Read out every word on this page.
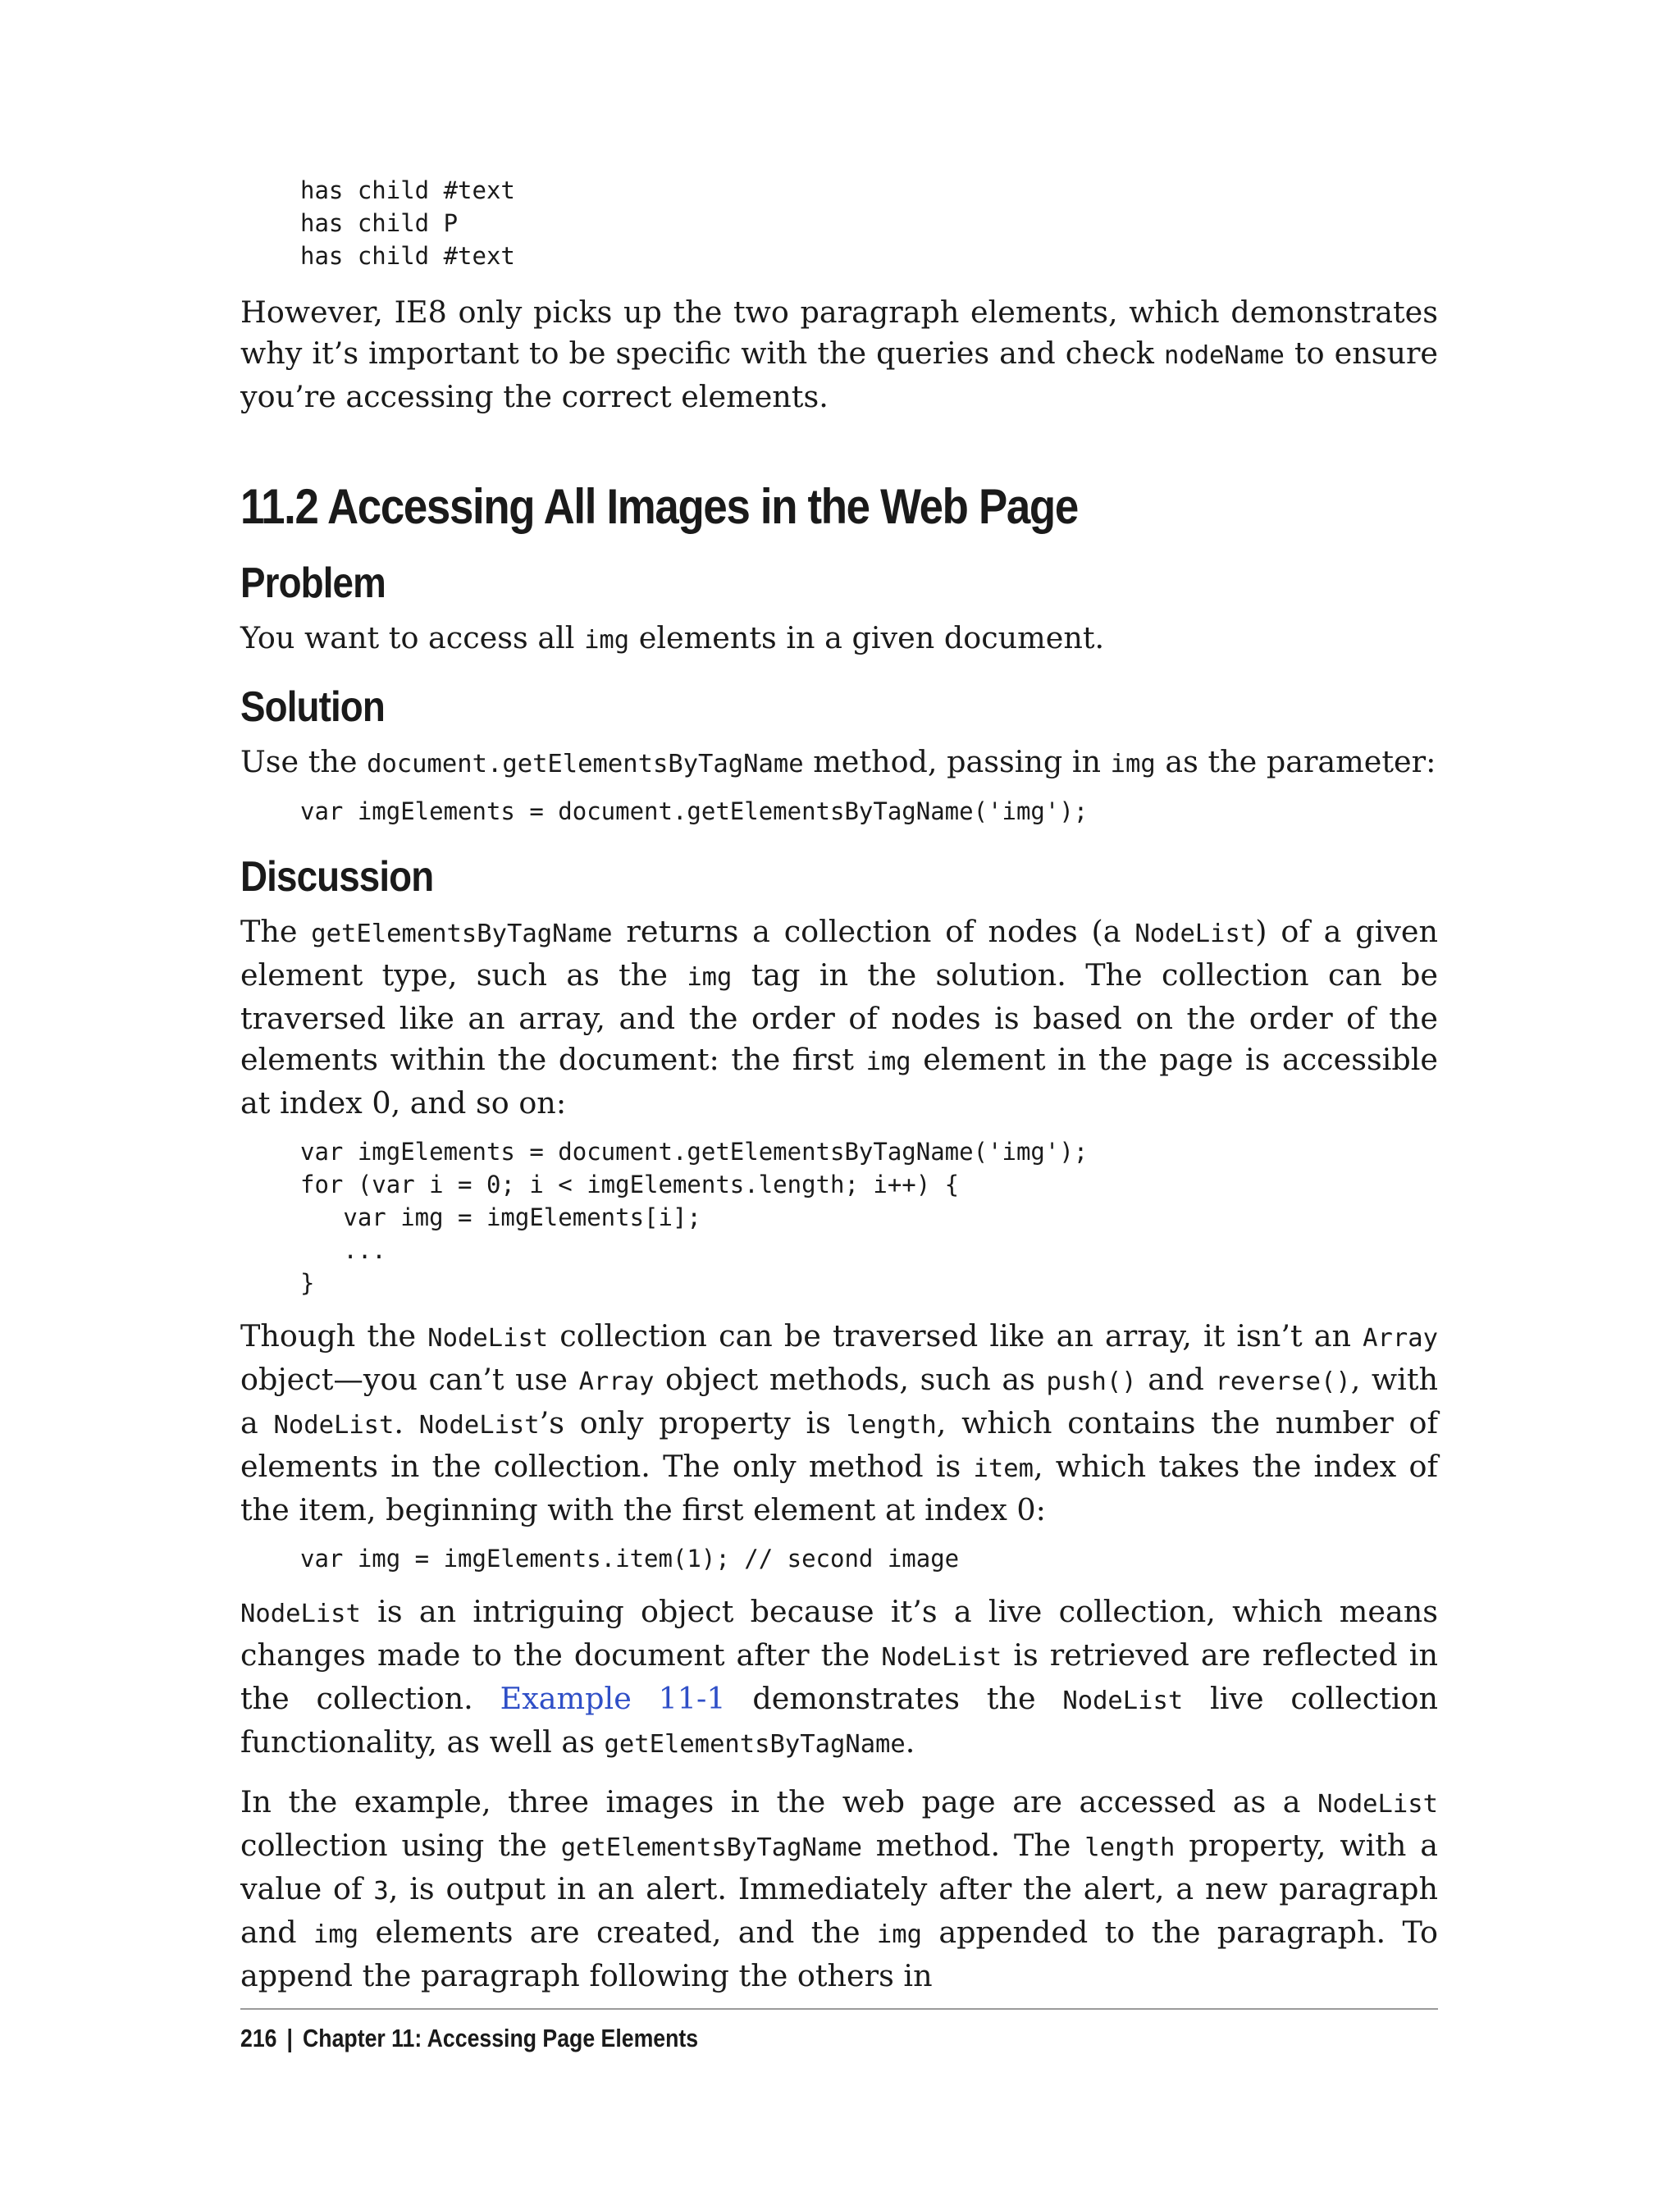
has child #text
has child P
has child #text

However, IE8 only picks up the two paragraph elements, which demonstrates why it’s important to be specific with the queries and check nodeName to ensure you’re accessing the correct elements.

11.2 Accessing All Images in the Web Page
Problem

You want to access all img elements in a given document.

Solution

Use the document.getElementsByTagName method, passing in img as the parameter:

var imgElements = document.getElementsByTagName('img');
Discussion

The getElementsByTagName returns a collection of nodes (a NodeList) of a given element type, such as the img tag in the solution. The collection can be traversed like an array, and the order of nodes is based on the order of the elements within the document: the first img element in the page is accessible at index 0, and so on:

var imgElements = document.getElementsByTagName('img');
for (var i = 0; i < imgElements.length; i++) {
var img = imgElements[i];
...
}

Though the NodeList collection can be traversed like an array, it isn’t an Array object—you can’t use Array object methods, such as push() and reverse(), with a NodeList. NodeList’s only property is length, which contains the number of elements in the collection. The only method is item, which takes the index of the item, beginning with the first element at index 0:

var img = imgElements.item(1); // second image

NodeList is an intriguing object because it’s a live collection, which means changes made to the document after the NodeList is retrieved are reflected in the collection. Example 11-1 demonstrates the NodeList live collection functionality, as well as getElementsByTagName.

In the example, three images in the web page are accessed as a NodeList collection using the getElementsByTagName method. The length property, with a value of 3, is output in an alert. Immediately after the alert, a new paragraph and img elements are created, and the img appended to the paragraph. To append the paragraph following the others in

216 | Chapter 11: Accessing Page Elements
